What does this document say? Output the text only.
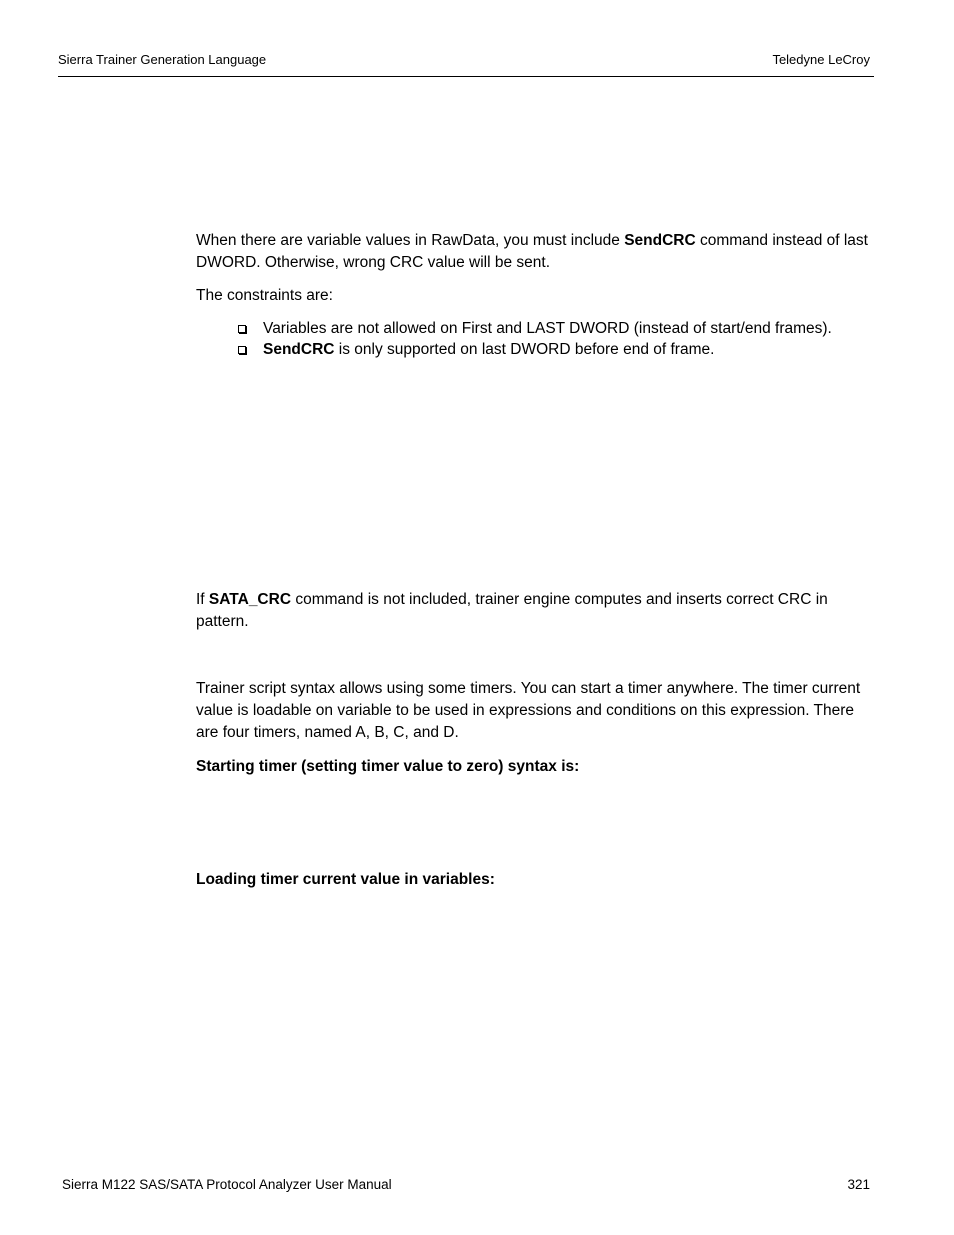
Sierra Trainer Generation Language	Teledyne LeCroy

When there are variable values in RawData, you must include SendCRC command instead of last DWORD. Otherwise, wrong CRC value will be sent.

The constraints are:

Variables are not allowed on First and LAST DWORD (instead of start/end frames).
SendCRC is only supported on last DWORD before end of frame.

If SATA_CRC command is not included, trainer engine computes and inserts correct CRC in pattern.

Trainer script syntax allows using some timers. You can start a timer anywhere. The timer current value is loadable on variable to be used in expressions and conditions on this expression. There are four timers, named A, B, C, and D.

Starting timer (setting timer value to zero) syntax is:
Loading timer current value in variables:
Sierra M122 SAS/SATA Protocol Analyzer User Manual	321
